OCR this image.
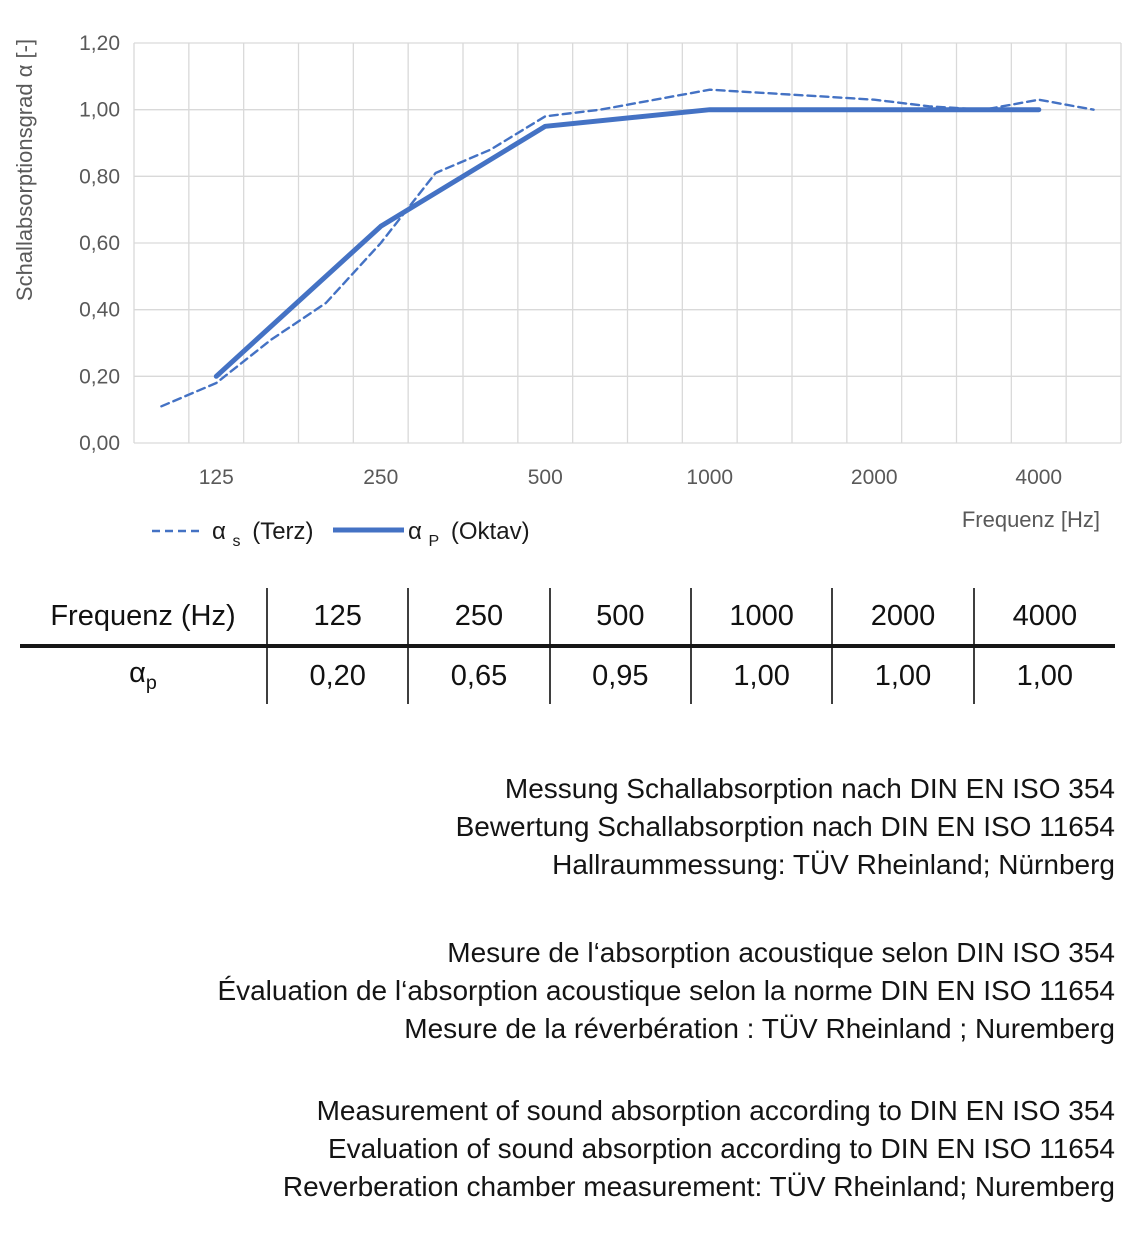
0,00
0,20
0,40
0,60
0,80
1,00
1,20
125	250	500	1000	2000	4000
Schallabsorptionsgrad α [-]
Frequenz [Hz]
α $_s$ (Terz)	α $_P$ (Oktav)
Frequenz (Hz)	125	250	500	1000	2000	4000
$\alpha_p$	0,20	0,65	0,95	1,00	1,00	1,00
Messung Schallabsorption nach DIN EN ISO 354
Bewertung Schallabsorption nach DIN EN ISO 11654
Hallraummessung: TÜV Rheinland; Nürnberg
Mesure de l‘absorption acoustique selon DIN ISO 354
Évaluation de l‘absorption acoustique selon la norme DIN EN ISO 11654
Mesure de la réverbération : TÜV Rheinland ; Nuremberg
Measurement of sound absorption according to DIN EN ISO 354
Evaluation of sound absorption according to DIN EN ISO 11654
Reverberation chamber measurement: TÜV Rheinland; Nuremberg
